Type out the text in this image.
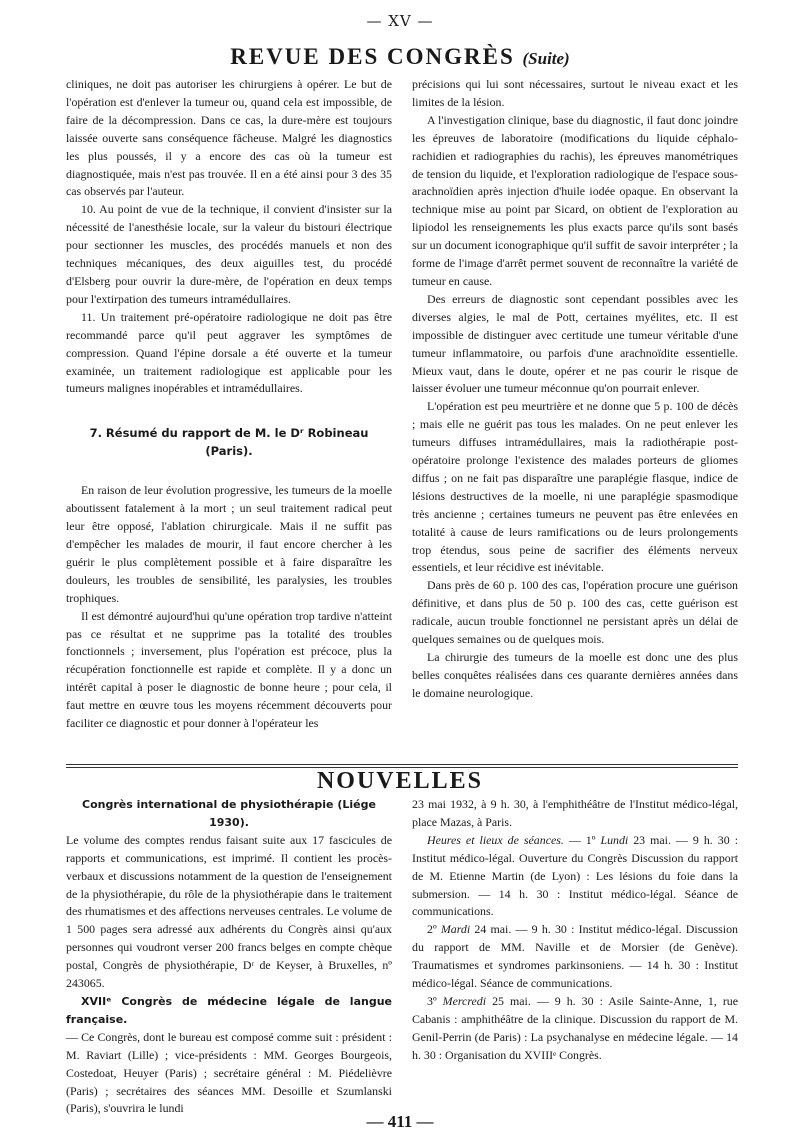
— XV —
REVUE DES CONGRÈS (Suite)

cliniques, ne doit pas autoriser les chirurgiens à opérer. Le but de l'opération est d'enlever la tumeur ou, quand cela est impossible, de faire de la décompression. Dans ce cas, la dure-mère est toujours laissée ouverte sans conséquence fâcheuse. Malgré les diagnostics les plus poussés, il y a encore des cas où la tumeur est diagnostiquée, mais n'est pas trouvée. Il en a été ainsi pour 3 des 35 cas observés par l'auteur.

10. Au point de vue de la technique, il convient d'insister sur la nécessité de l'anesthésie locale, sur la valeur du bistouri électrique pour sectionner les muscles, des procédés manuels et non des techniques mécaniques, des deux aiguilles test, du procédé d'Elsberg pour ouvrir la dure-mère, de l'opération en deux temps pour l'extirpation des tumeurs intramédullaires.

11. Un traitement pré-opératoire radiologique ne doit pas être recommandé parce qu'il peut aggraver les symptômes de compression. Quand l'épine dorsale a été ouverte et la tumeur examinée, un traitement radiologique est applicable pour les tumeurs malignes inopérables et intramédullaires.

7. Résumé du rapport de M. le Dʳ Robineau (Paris).

En raison de leur évolution progressive, les tumeurs de la moelle aboutissent fatalement à la mort ; un seul traitement radical peut leur être opposé, l'ablation chirurgicale. Mais il ne suffit pas d'empêcher les malades de mourir, il faut encore chercher à les guérir le plus complètement possible et à faire disparaître les douleurs, les troubles de sensibilité, les paralysies, les troubles trophiques.

Il est démontré aujourd'hui qu'une opération trop tardive n'atteint pas ce résultat et ne supprime pas la totalité des troubles fonctionnels ; inversement, plus l'opération est précoce, plus la récupération fonctionnelle est rapide et complète. Il y a donc un intérêt capital à poser le diagnostic de bonne heure ; pour cela, il faut mettre en œuvre tous les moyens récemment découverts pour faciliter ce diagnostic et pour donner à l'opérateur les

précisions qui lui sont nécessaires, surtout le niveau exact et les limites de la lésion.

A l'investigation clinique, base du diagnostic, il faut donc joindre les épreuves de laboratoire (modifications du liquide céphalo-rachidien et radiographies du rachis), les épreuves manométriques de tension du liquide, et l'exploration radiologique de l'espace sous-arachnoïdien après injection d'huile iodée opaque. En observant la technique mise au point par Sicard, on obtient de l'exploration au lipiodol les renseignements les plus exacts parce qu'ils sont basés sur un document iconographique qu'il suffit de savoir interpréter ; la forme de l'image d'arrêt permet souvent de reconnaître la variété de tumeur en cause.

Des erreurs de diagnostic sont cependant possibles avec les diverses algies, le mal de Pott, certaines myélites, etc. Il est impossible de distinguer avec certitude une tumeur véritable d'une tumeur inflammatoire, ou parfois d'une arachnoïdite essentielle. Mieux vaut, dans le doute, opérer et ne pas courir le risque de laisser évoluer une tumeur méconnue qu'on pourrait enlever.

L'opération est peu meurtrière et ne donne que 5 p. 100 de décès ; mais elle ne guérit pas tous les malades. On ne peut enlever les tumeurs diffuses intramédullaires, mais la radiothérapie post-opératoire prolonge l'existence des malades porteurs de gliomes diffus ; on ne fait pas disparaître une paraplégie flasque, indice de lésions destructives de la moelle, ni une paraplégie spasmodique très ancienne ; certaines tumeurs ne peuvent pas être enlevées en totalité à cause de leurs ramifications ou de leurs prolongements trop étendus, sous peine de sacrifier des éléments nerveux essentiels, et leur récidive est inévitable.

Dans près de 60 p. 100 des cas, l'opération procure une guérison définitive, et dans plus de 50 p. 100 des cas, cette guérison est radicale, aucun trouble fonctionnel ne persistant après un délai de quelques semaines ou de quelques mois.

La chirurgie des tumeurs de la moelle est donc une des plus belles conquêtes réalisées dans ces quarante dernières années dans le domaine neurologique.

NOUVELLES

Congrès international de physiothérapie (Liége 1930).

Le volume des comptes rendus faisant suite aux 17 fascicules de rapports et communications, est imprimé. Il contient les procès-verbaux et discussions notamment de la question de l'enseignement de la physiothérapie, du rôle de la physiothérapie dans le traitement des rhumatismes et des affections nerveuses centrales. Le volume de 1 500 pages sera adressé aux adhérents du Congrès ainsi qu'aux personnes qui voudront verser 200 francs belges en compte chèque postal, Congrès de physiothérapie, Dʳ de Keyser, à Bruxelles, nº 243065.

XVIIᵉ Congrès de médecine légale de langue française.

— Ce Congrès, dont le bureau est composé comme suit : président : M. Raviart (Lille) ; vice-présidents : MM. Georges Bourgeois, Costedoat, Heuyer (Paris) ; secrétaire général : M. Piédelièvre (Paris) ; secrétaires des séances MM. Desoille et Szumlanski (Paris), s'ouvrira le lundi

23 mai 1932, à 9 h. 30, à l'emphithéâtre de l'Institut médico-légal, place Mazas, à Paris.

Heures et lieux de séances. — 1º Lundi 23 mai. — 9 h. 30 : Institut médico-légal. Ouverture du Congrès Discussion du rapport de M. Etienne Martin (de Lyon) : Les lésions du foie dans la submersion. — 14 h. 30 : Institut médico-légal. Séance de communications.

2º Mardi 24 mai. — 9 h. 30 : Institut médico-légal. Discussion du rapport de MM. Naville et de Morsier (de Genève). Traumatismes et syndromes parkinsoniens. — 14 h. 30 : Institut médico-légal. Séance de communications.

3º Mercredi 25 mai. — 9 h. 30 : Asile Sainte-Anne, 1, rue Cabanis : amphithéâtre de la clinique. Discussion du rapport de M. Genil-Perrin (de Paris) : La psychanalyse en médecine légale. — 14 h. 30 : Organisation du XVIIIᵉ Congrès.

— 411 —
